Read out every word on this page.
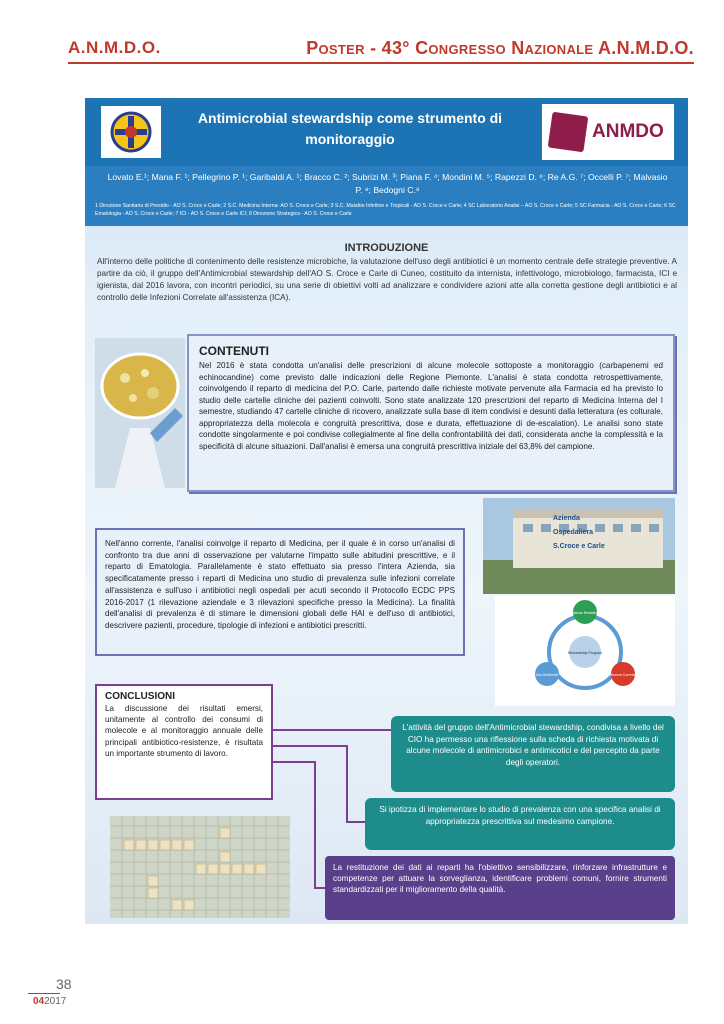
A.N.M.D.O.	Poster - 43° Congresso Nazionale A.N.M.D.O.
Antimicrobial stewardship come strumento di monitoraggio	ANMDO
Lovato E.¹; Mana F. ¹; Pellegrino P. ¹; Garibaldi A. ¹; Bracco C. ²; Subrizi M. ³; Piana F. ⁴; Mondini M. ⁵; Rapezzi D. ⁶; Re A.G. ⁷; Occelli P. ⁷; Malvasio P. ⁸; Bedogni C.⁸
1 Direzione Sanitaria di Presidio - AO S. Croce e Carle; 2 S.C. Medicina Interna- AO S. Croce e Carle; 3 S.C. Malattie Infettive e Tropicali - AO S. Croce e Carle; 4 SC Laboratorio Analisi – AO S. Croce e Carle; 5 SC Farmacia - AO S. Croce e Carle; 6 SC Ematologia - AO S. Croce e Carle; 7 ICI - AO S. Croce e Carle ICI; 8 Direzione Strategica - AO S. Croce e Carle
INTRODUZIONE
All'interno delle politiche di contenimento delle resistenze microbiche, la valutazione dell'uso degli antibiotici è un momento centrale delle strategie preventive. A partire da ciò, il gruppo dell'Antimicrobial stewardship dell'AO S. Croce e Carle di Cuneo, costituito da internista, infettivologo, microbiologo, farmacista, ICI e igienista, dal 2016 lavora, con incontri periodici, su una serie di obiettivi volti ad analizzare e condividere azioni atte alla corretta gestione degli antibiotici e al controllo delle Infezioni Correlate all'assistenza (ICA).
CONTENUTI

Nel 2016 è stata condotta un'analisi delle prescrizioni di alcune molecole sottoposte a monitoraggio (carbapenemi ed echinocandine) come previsto dalle indicazioni delle Regione Piemonte. L'analisi è stata condotta retrospettivamente, coinvolgendo il reparto di medicina del P.O. Carle, partendo dalle richieste motivate pervenute alla Farmacia ed ha previsto lo studio delle cartelle cliniche dei pazienti coinvolti. Sono state analizzate 120 prescrizioni del reparto di Medicina Interna del I semestre, studiando 47 cartelle cliniche di ricovero, analizzate sulla base di item condivisi e desunti dalla letteratura (es colturale, appropriatezza della molecola e congruità prescrittiva, dose e durata, effettuazione di de-escalation). Le analisi sono state condotte singolarmente e poi condivise collegialmente al fine della confrontabilità dei dati, considerata anche la complessità e la specificità di alcune situazioni. Dall'analisi è emersa una congruità prescrittiva iniziale del 63,8% del campione.

Nell'anno corrente, l'analisi coinvolge il reparto di Medicina, per il quale è in corso un'analisi di confronto tra due anni di osservazione per valutarne l'impatto sulle abitudini prescrittive, e il reparto di Ematologia. Parallelamente è stato effettuato sia presso l'intera Azienda, sia specificatamente presso i reparti di Medicina uno studio di prevalenza sulle infezioni correlate all'assistenza e sull'uso i antibiotici negli ospedali per acuti secondo il Protocollo ECDC PPS 2016-2017 (1 rilevazione aziendale e 3 rilevazioni specifiche presso la Medicina). La finalità dell'analisi di prevalenza è di stimare le dimensioni globali delle HAI e dell'uso di antibiotici, descrivere pazienti, procedure, tipologie di infezioni e antibiotici prescritti.

Azienda
Ospedaliera
S.Croce e Carle
Gestione Resistenze
Stewardship Program
Uso Antibiotici	Infezioni Correlate
CONCLUSIONI

La discussione dei risultati emersi, unitamente al controllo dei consumi di molecole e al monitoraggio annuale delle principali antibiotico-resistenze, è risultata un importante strumento di lavoro.

L'attività del gruppo dell'Antimicrobial stewardship, condivisa a livello del CIO ha permesso una riflessione sulla scheda di richiesta motivata di alcune molecole di antimicrobici e antimicotici e del percepito da parte degli operatori.

Si ipotizza di implementare lo studio di prevalenza con una specifica analisi di appropriatezza prescrittiva sul medesimo campione.

La restituzione dei dati ai reparti ha l'obiettivo sensibilizzare, rinforzare infrastrutture e competenze per attuare la sorveglianza, identificare problemi comuni, fornire strumenti standardizzati per il miglioramento della qualità.

38
042017
